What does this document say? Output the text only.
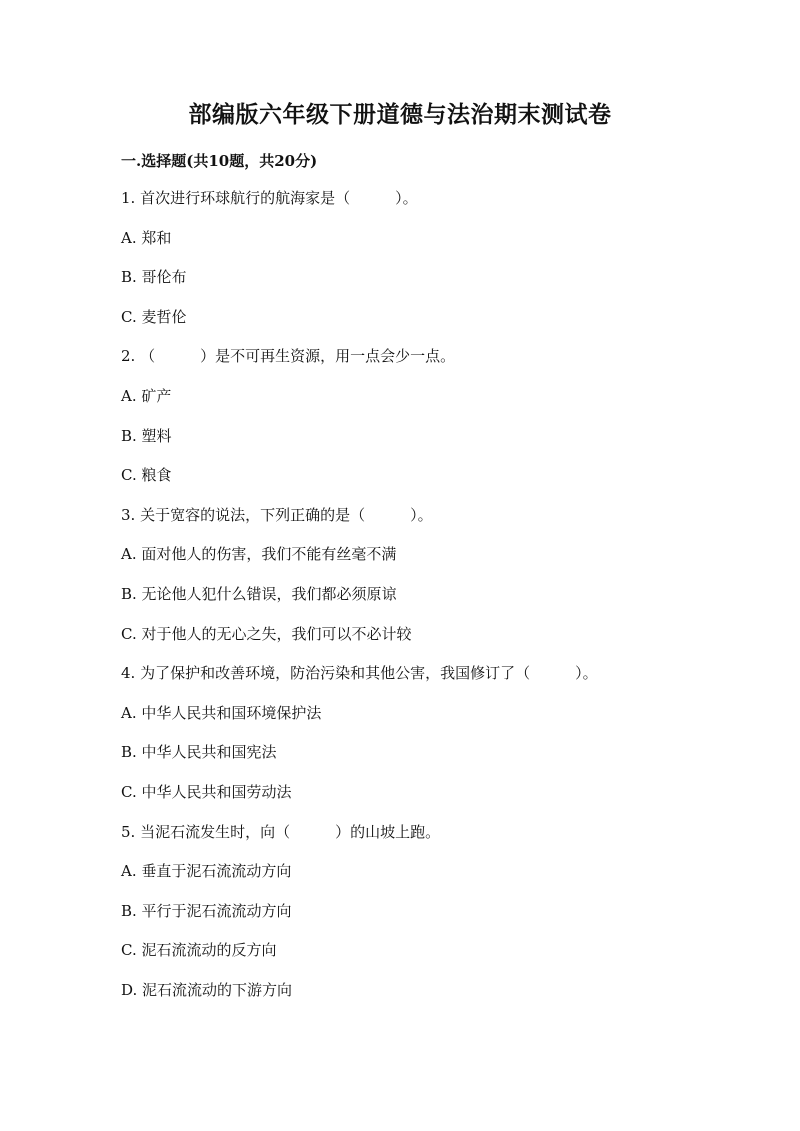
部编版六年级下册道德与法治期末测试卷
一.选择题(共10题，共20分)
1. 首次进行环球航行的航海家是（　　　）。
A. 郑和
B. 哥伦布
C. 麦哲伦
2. （　　　）是不可再生资源，用一点会少一点。
A. 矿产
B. 塑料
C. 粮食
3. 关于宽容的说法，下列正确的是（　　　）。
A. 面对他人的伤害，我们不能有丝毫不满
B. 无论他人犯什么错误，我们都必须原谅
C. 对于他人的无心之失，我们可以不必计较
4. 为了保护和改善环境，防治污染和其他公害，我国修订了（　　　）。
A. 中华人民共和国环境保护法
B. 中华人民共和国宪法
C. 中华人民共和国劳动法
5. 当泥石流发生时，向（　　　）的山坡上跑。
A. 垂直于泥石流流动方向
B. 平行于泥石流流动方向
C. 泥石流流动的反方向
D. 泥石流流动的下游方向
